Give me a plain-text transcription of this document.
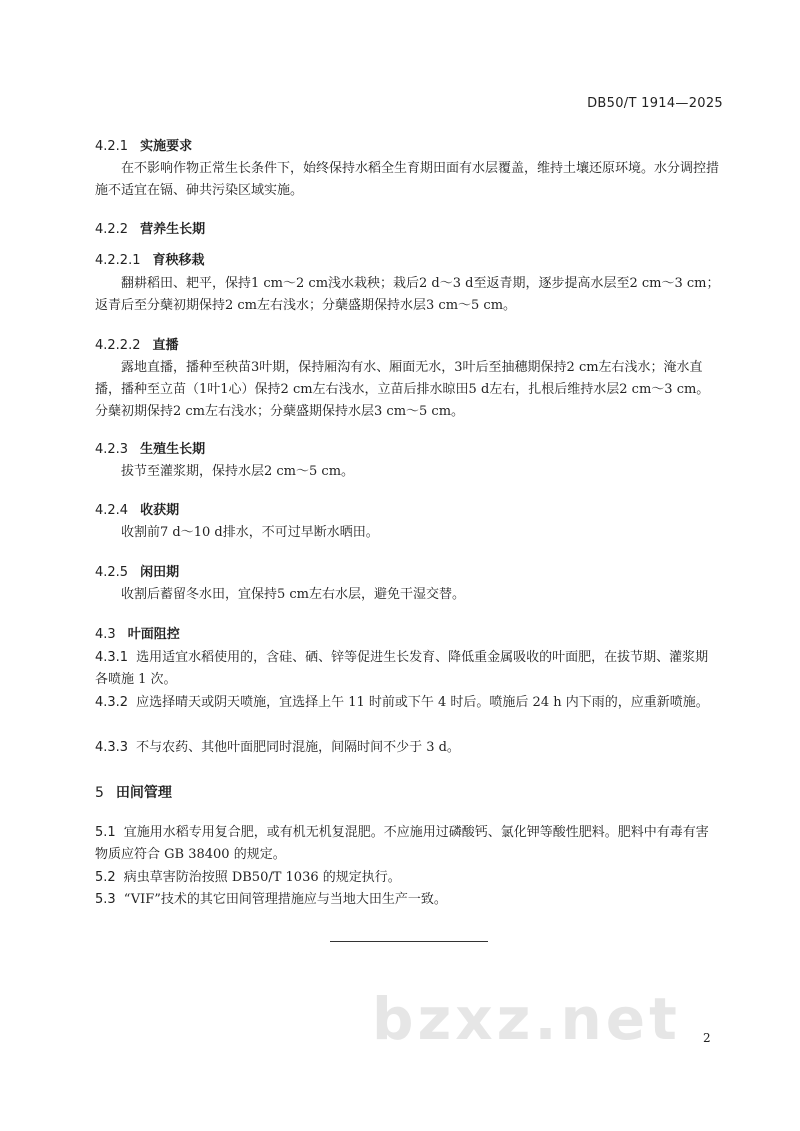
DB50/T 1914—2025
4.2.1 实施要求
在不影响作物正常生长条件下，始终保持水稻全生育期田面有水层覆盖，维持土壤还原环境。水分调控措施不适宜在镉、砷共污染区域实施。
4.2.2 营养生长期
4.2.2.1 育秧移栽
翻耕稻田、耙平，保持1 cm～2 cm浅水栽秧；栽后2 d～3 d至返青期，逐步提高水层至2 cm～3 cm；返青后至分蘖初期保持2 cm左右浅水；分蘖盛期保持水层3 cm～5 cm。
4.2.2.2 直播
露地直播，播种至秧苗3叶期，保持厢沟有水、厢面无水，3叶后至抽穗期保持2 cm左右浅水；淹水直播，播种至立苗（1叶1心）保持2 cm左右浅水，立苗后排水晾田5 d左右，扎根后维持水层2 cm～3 cm。分蘖初期保持2 cm左右浅水；分蘖盛期保持水层3 cm～5 cm。
4.2.3 生殖生长期
拔节至灌浆期，保持水层2 cm～5 cm。
4.2.4 收获期
收割前7 d～10 d排水，不可过早断水晒田。
4.2.5 闲田期
收割后蓄留冬水田，宜保持5 cm左右水层，避免干湿交替。
4.3 叶面阻控
4.3.1 选用适宜水稻使用的，含硅、硒、锌等促进生长发育、降低重金属吸收的叶面肥，在拔节期、灌浆期各喷施 1 次。
4.3.2 应选择晴天或阴天喷施，宜选择上午 11 时前或下午 4 时后。喷施后 24 h 内下雨的，应重新喷施。
4.3.3 不与农药、其他叶面肥同时混施，间隔时间不少于 3 d。
5 田间管理
5.1 宜施用水稻专用复合肥，或有机无机复混肥。不应施用过磷酸钙、氯化钾等酸性肥料。肥料中有毒有害物质应符合 GB 38400 的规定。
5.2 病虫草害防治按照 DB50/T 1036 的规定执行。
5.3 “VIF”技术的其它田间管理措施应与当地大田生产一致。
bzxz.net 2
